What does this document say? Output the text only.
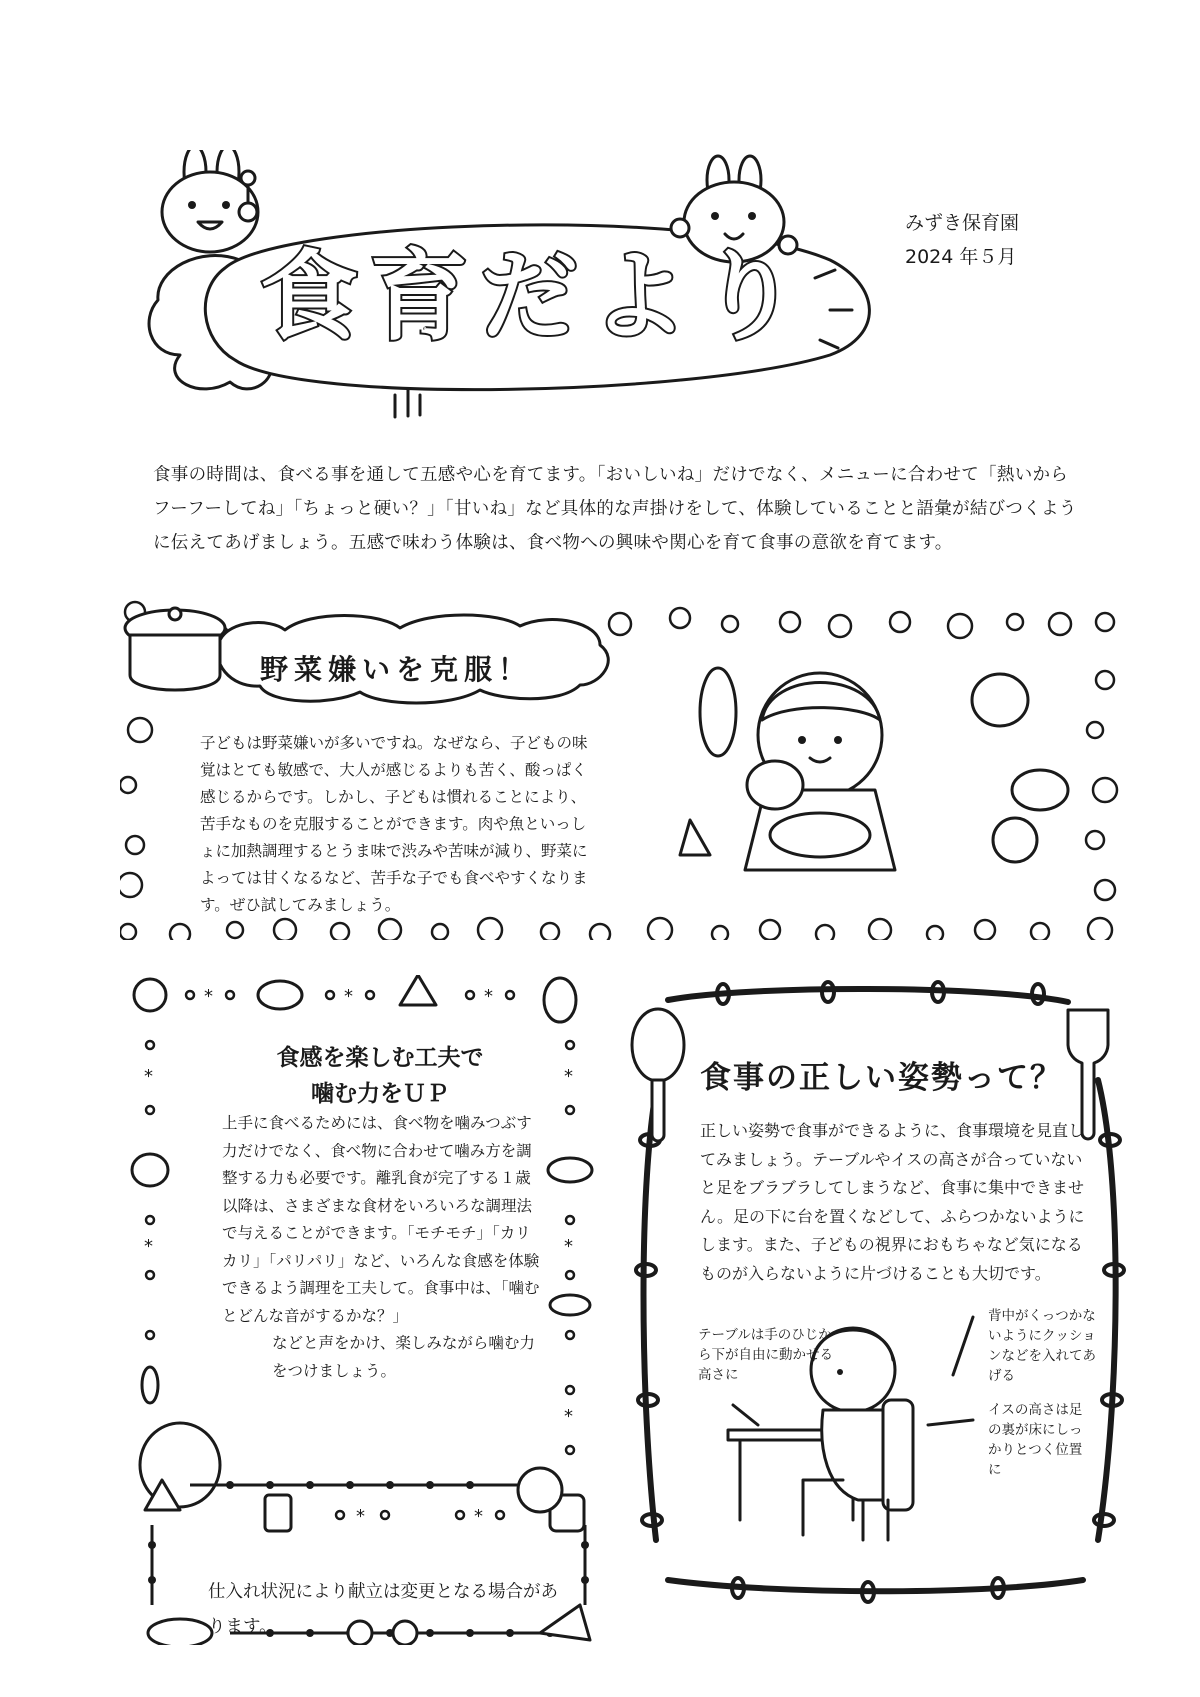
食育だより
みずき保育園
2024 年５月
食事の時間は、食べる事を通して五感や心を育てます。「おいしいね」だけでなく、メニューに合わせて「熱いからフーフーしてね」「ちょっと硬い？」「甘いね」など具体的な声掛けをして、体験していることと語彙が結びつくように伝えてあげましょう。五感で味わう体験は、食べ物への興味や関心を育て食事の意欲を育てます。
野菜嫌いを克服！
子どもは野菜嫌いが多いですね。なぜなら、子どもの味覚はとても敏感で、大人が感じるよりも苦く、酸っぱく感じるからです。しかし、子どもは慣れることにより、苦手なものを克服することができます。肉や魚といっしょに加熱調理するとうま味で渋みや苦味が減り、野菜によっては甘くなるなど、苦手な子でも食べやすくなります。ぜひ試してみましょう。
*	*	*
*
*
*
*
*
*	*
食感を楽しむ工夫で
噛む力をＵＰ
上手に食べるためには、食べ物を噛みつぶす力だけでなく、食べ物に合わせて噛み方を調整する力も必要です。離乳食が完了する１歳以降は、さまざまな食材をいろいろな調理法で与えることができます。「モチモチ」「カリカリ」「パリパリ」など、いろんな食感を体験できるよう調理を工夫して。食事中は、「噛むとどんな音がするかな？」
などと声をかけ、楽しみながら噛む力をつけましょう。
食事の正しい姿勢って？
正しい姿勢で食事ができるように、食事環境を見直してみましょう。テーブルやイスの高さが合っていないと足をブラブラしてしまうなど、食事に集中できません。足の下に台を置くなどして、ふらつかないようにします。また、子どもの視界におもちゃなど気になるものが入らないように片づけることも大切です。
テーブルは手のひじから下が自由に動かせる高さに
背中がくっつかないようにクッションなどを入れてあげる
イスの高さは足の裏が床にしっかりとつく位置に
仕入れ状況により献立は変更となる場合があります。
